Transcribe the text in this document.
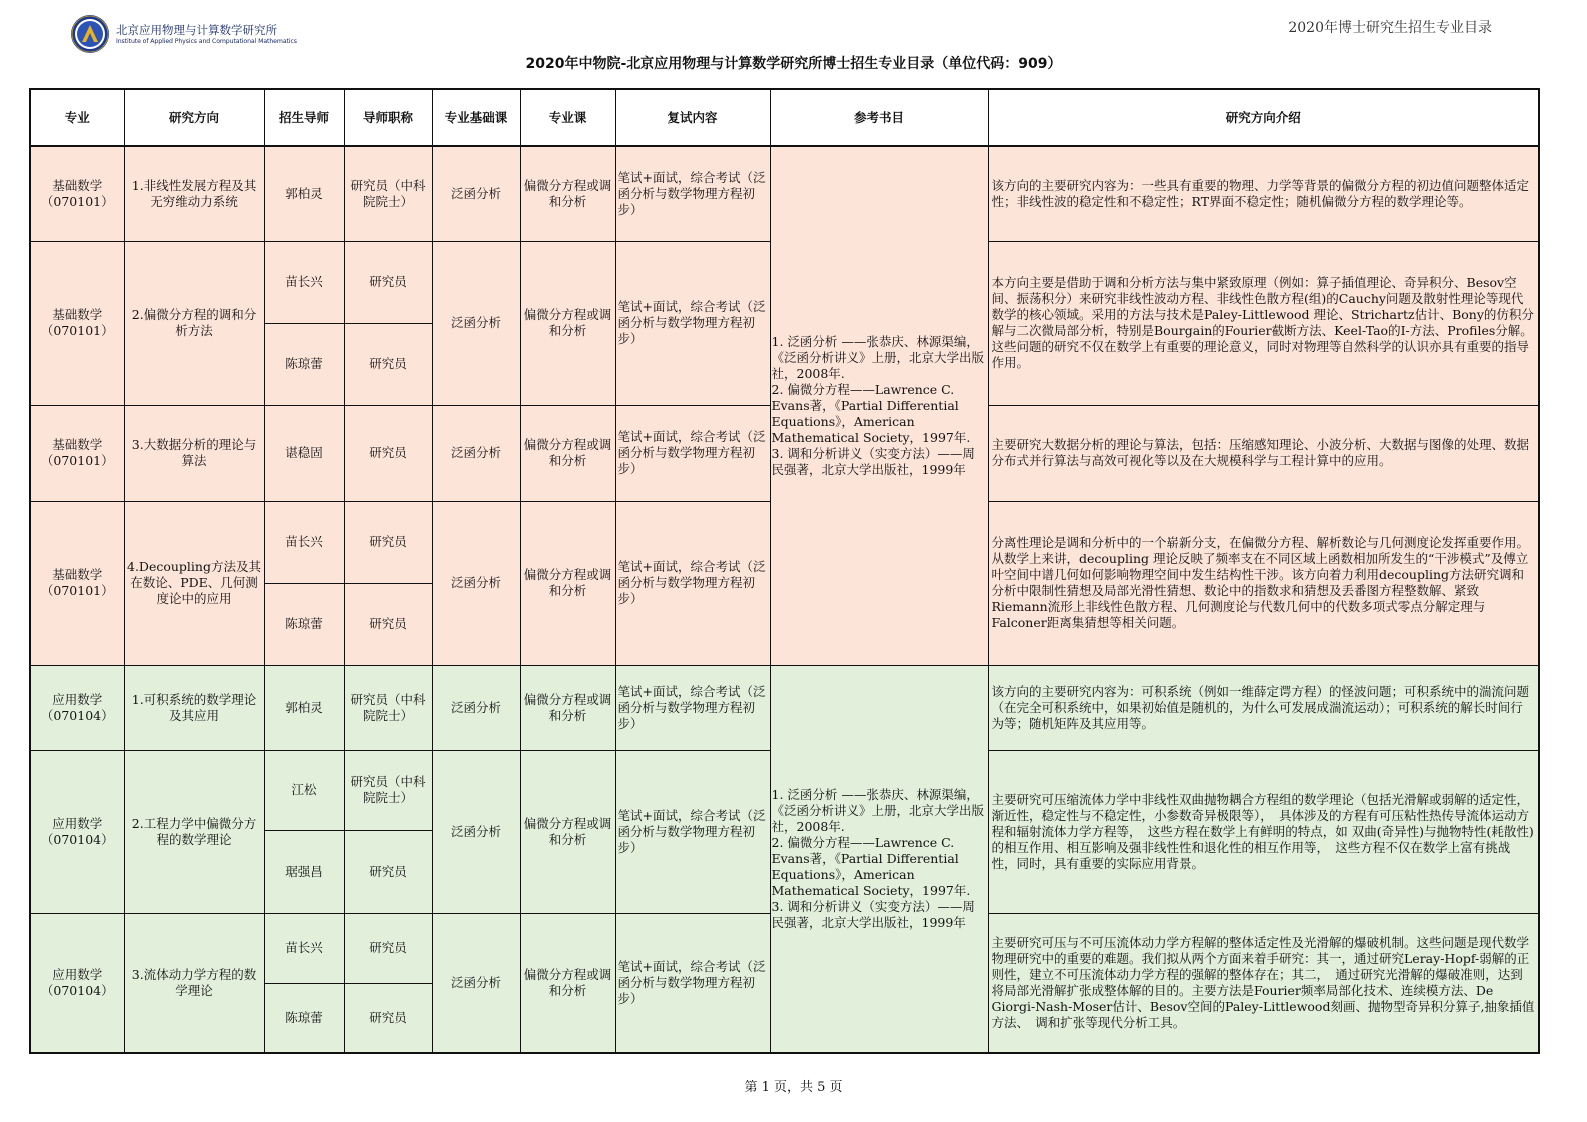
北京应用物理与计算数学研究所
Institute of Applied Physics and Computational Mathematics
2020年博士研究生招生专业目录
2020年中物院-北京应用物理与计算数学研究所博士招生专业目录（单位代码：909）
专业	研究方向	招生导师	导师职称	专业基础课	专业课	复试内容	参考书目	研究方向介绍
基础数学（070101）	1.非线性发展方程及其无穷维动力系统	郭柏灵	研究员（中科院院士）	泛函分析	偏微分方程或调和分析	笔试+面试，综合考试（泛函分析与数学物理方程初步）	1. 泛函分析 ——张恭庆、林源渠编，《泛函分析讲义》上册，北京大学出版社，2008年.
2. 偏微分方程——Lawrence C. Evans著，《Partial Differential Equations》，American Mathematical Society，1997年.
3. 调和分析讲义（实变方法）——周民强著，北京大学出版社，1999年	该方向的主要研究内容为：一些具有重要的物理、力学等背景的偏微分方程的初边值问题整体适定性；非线性波的稳定性和不稳定性；RT界面不稳定性；随机偏微分方程的数学理论等。
基础数学（070101）	2.偏微分方程的调和分析方法	苗长兴	研究员	泛函分析	偏微分方程或调和分析	笔试+面试，综合考试（泛函分析与数学物理方程初步）		本方向主要是借助于调和分析方法与集中紧致原理（例如：算子插值理论、奇异积分、Besov空间、振荡积分）来研究非线性波动方程、非线性色散方程(组)的Cauchy问题及散射性理论等现代数学的核心领域。采用的方法与技术是Paley-Littlewood 理论、Strichartz估计、Bony的仿积分解与二次微局部分析，特别是Bourgain的Fourier截断方法、Keel-Tao的I-方法、Profiles分解。这些问题的研究不仅在数学上有重要的理论意义，同时对物理等自然科学的认识亦具有重要的指导作用。
		陈琼蕾	研究员					
基础数学（070101）	3.大数据分析的理论与算法	谌稳固	研究员	泛函分析	偏微分方程或调和分析	笔试+面试，综合考试（泛函分析与数学物理方程初步）		主要研究大数据分析的理论与算法，包括：压缩感知理论、小波分析、大数据与图像的处理、数据分布式并行算法与高效可视化等以及在大规模科学与工程计算中的应用。
基础数学（070101）	4.Decoupling方法及其在数论、PDE、几何测度论中的应用	苗长兴	研究员	泛函分析	偏微分方程或调和分析	笔试+面试，综合考试（泛函分析与数学物理方程初步）		分离性理论是调和分析中的一个崭新分支，在偏微分方程、解析数论与几何测度论发挥重要作用。从数学上来讲，decoupling 理论反映了频率支在不同区域上函数相加所发生的“干涉模式”及傅立叶空间中谱几何如何影响物理空间中发生结构性干涉。该方向着力利用decoupling方法研究调和分析中限制性猜想及局部光滑性猜想、数论中的指数求和猜想及丢番图方程整数解、紧致Riemann流形上非线性色散方程、几何测度论与代数几何中的代数多项式零点分解定理与Falconer距离集猜想等相关问题。
		陈琼蕾	研究员					
应用数学（070104）	1.可积系统的数学理论及其应用	郭柏灵	研究员（中科院院士）	泛函分析	偏微分方程或调和分析	笔试+面试，综合考试（泛函分析与数学物理方程初步）	1. 泛函分析 ——张恭庆、林源渠编，《泛函分析讲义》上册，北京大学出版社，2008年.
2. 偏微分方程——Lawrence C. Evans著，《Partial Differential Equations》，American Mathematical Society，1997年.
3. 调和分析讲义（实变方法）——周民强著，北京大学出版社，1999年	该方向的主要研究内容为：可积系统（例如一维薛定谔方程）的怪波问题；可积系统中的湍流问题（在完全可积系统中，如果初始值是随机的，为什么可发展成湍流运动）；可积系统的解长时间行为等；随机矩阵及其应用等。
应用数学（070104）	2.工程力学中偏微分方程的数学理论	江松	研究员（中科院院士）	泛函分析	偏微分方程或调和分析	笔试+面试，综合考试（泛函分析与数学物理方程初步）		主要研究可压缩流体力学中非线性双曲抛物耦合方程组的数学理论（包括光滑解或弱解的适定性，渐近性，稳定性与不稳定性，小参数奇异极限等），　具体涉及的方程有可压粘性热传导流体运动方程和辐射流体力学方程等，　这些方程在数学上有鲜明的特点，如 双曲(奇异性)与抛物特性(耗散性)的相互作用、相互影响及强非线性性和退化性的相互作用等，　这些方程不仅在数学上富有挑战性，同时，具有重要的实际应用背景。
		琚强昌	研究员					
应用数学（070104）	3.流体动力学方程的数学理论	苗长兴	研究员	泛函分析	偏微分方程或调和分析	笔试+面试，综合考试（泛函分析与数学物理方程初步）		主要研究可压与不可压流体动力学方程解的整体适定性及光滑解的爆破机制。这些问题是现代数学物理研究中的重要的难题。我们拟从两个方面来着手研究：其一，通过研究Leray-Hopf-弱解的正则性，建立不可压流体动力学方程的强解的整体存在；其二，　通过研究光滑解的爆破准则，达到将局部光滑解扩张成整体解的目的。主要方法是Fourier频率局部化技术、连续模方法、De Giorgi-Nash-Moser估计、Besov空间的Paley-Littlewood刻画、抛物型奇异积分算子,抽象插值方法、　调和扩张等现代分析工具。
		陈琼蕾	研究员					
第 1 页，共 5 页
